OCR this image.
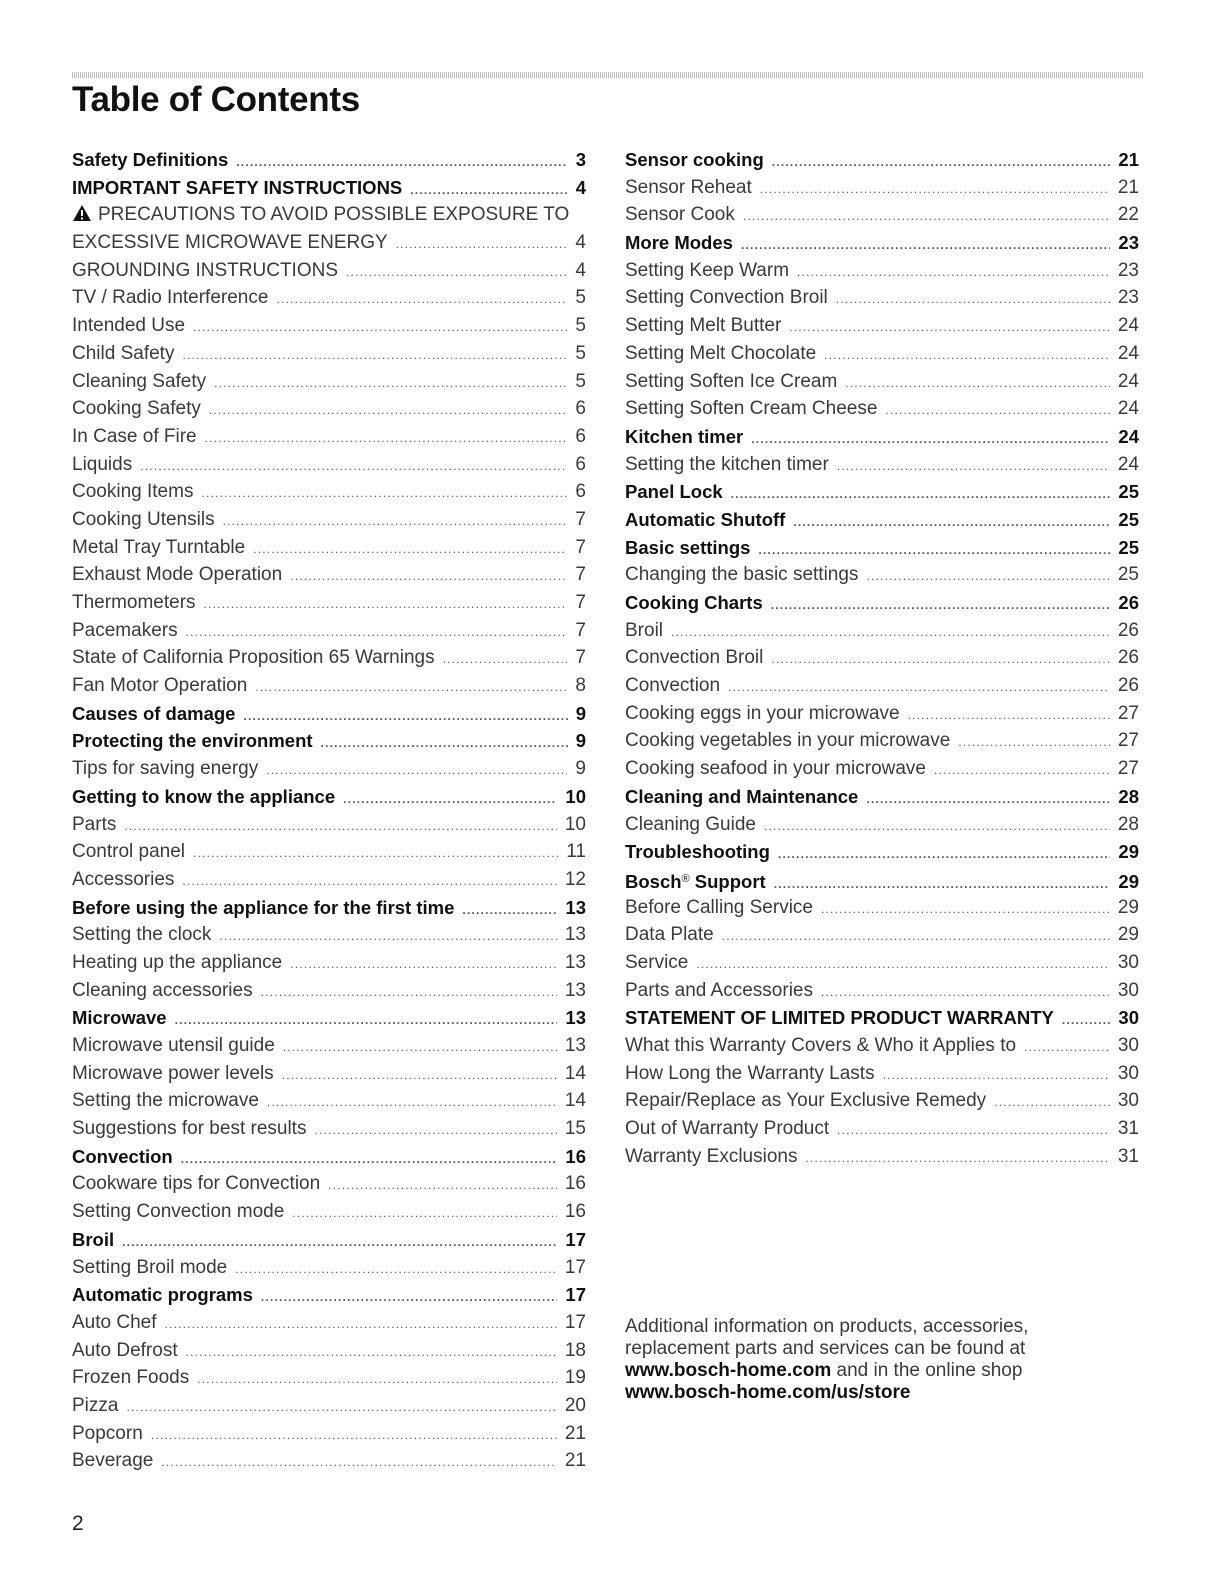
Table of Contents
Safety Definitions .....	3
IMPORTANT SAFETY INSTRUCTIONS .....	4
PRECAUTIONS TO AVOID POSSIBLE EXPOSURE TO
EXCESSIVE MICROWAVE ENERGY .....	4
GROUNDING INSTRUCTIONS .....	4
TV / Radio Interference .....	5
Intended Use .....	5
Child Safety .....	5
Cleaning Safety .....	5
Cooking Safety .....	6
In Case of Fire .....	6
Liquids .....	6
Cooking Items .....	6
Cooking Utensils .....	7
Metal Tray Turntable .....	7
Exhaust Mode Operation .....	7
Thermometers .....	7
Pacemakers .....	7
State of California Proposition 65 Warnings .....	7
Fan Motor Operation .....	8
Causes of damage .....	9
Protecting the environment .....	9
Tips for saving energy .....	9
Getting to know the appliance .....	10
Parts .....	10
Control panel .....	11
Accessories .....	12
Before using the appliance for the first time .....	13
Setting the clock .....	13
Heating up the appliance .....	13
Cleaning accessories .....	13
Microwave .....	13
Microwave utensil guide .....	13
Microwave power levels .....	14
Setting the microwave .....	14
Suggestions for best results .....	15
Convection .....	16
Cookware tips for Convection .....	16
Setting Convection mode .....	16
Broil .....	17
Setting Broil mode .....	17
Automatic programs .....	17
Auto Chef .....	17
Auto Defrost .....	18
Frozen Foods .....	19
Pizza .....	20
Popcorn .....	21
Beverage .....	21
Sensor cooking .....	21
Sensor Reheat .....	21
Sensor Cook .....	22
More Modes .....	23
Setting Keep Warm .....	23
Setting Convection Broil .....	23
Setting Melt Butter .....	24
Setting Melt Chocolate .....	24
Setting Soften Ice Cream .....	24
Setting Soften Cream Cheese .....	24
Kitchen timer .....	24
Setting the kitchen timer .....	24
Panel Lock .....	25
Automatic Shutoff .....	25
Basic settings .....	25
Changing the basic settings .....	25
Cooking Charts .....	26
Broil .....	26
Convection Broil .....	26
Convection .....	26
Cooking eggs in your microwave .....	27
Cooking vegetables in your microwave .....	27
Cooking seafood in your microwave .....	27
Cleaning and Maintenance .....	28
Cleaning Guide .....	28
Troubleshooting .....	29
Bosch® Support .....	29
Before Calling Service .....	29
Data Plate .....	29
Service .....	30
Parts and Accessories .....	30
STATEMENT OF LIMITED PRODUCT WARRANTY .....	30
What this Warranty Covers & Who it Applies to .....	30
How Long the Warranty Lasts .....	30
Repair/Replace as Your Exclusive Remedy .....	30
Out of Warranty Product .....	31
Warranty Exclusions .....	31
Additional information on products, accessories, replacement parts and services can be found at
www.bosch-home.com and in the online shop
www.bosch-home.com/us/store
2
